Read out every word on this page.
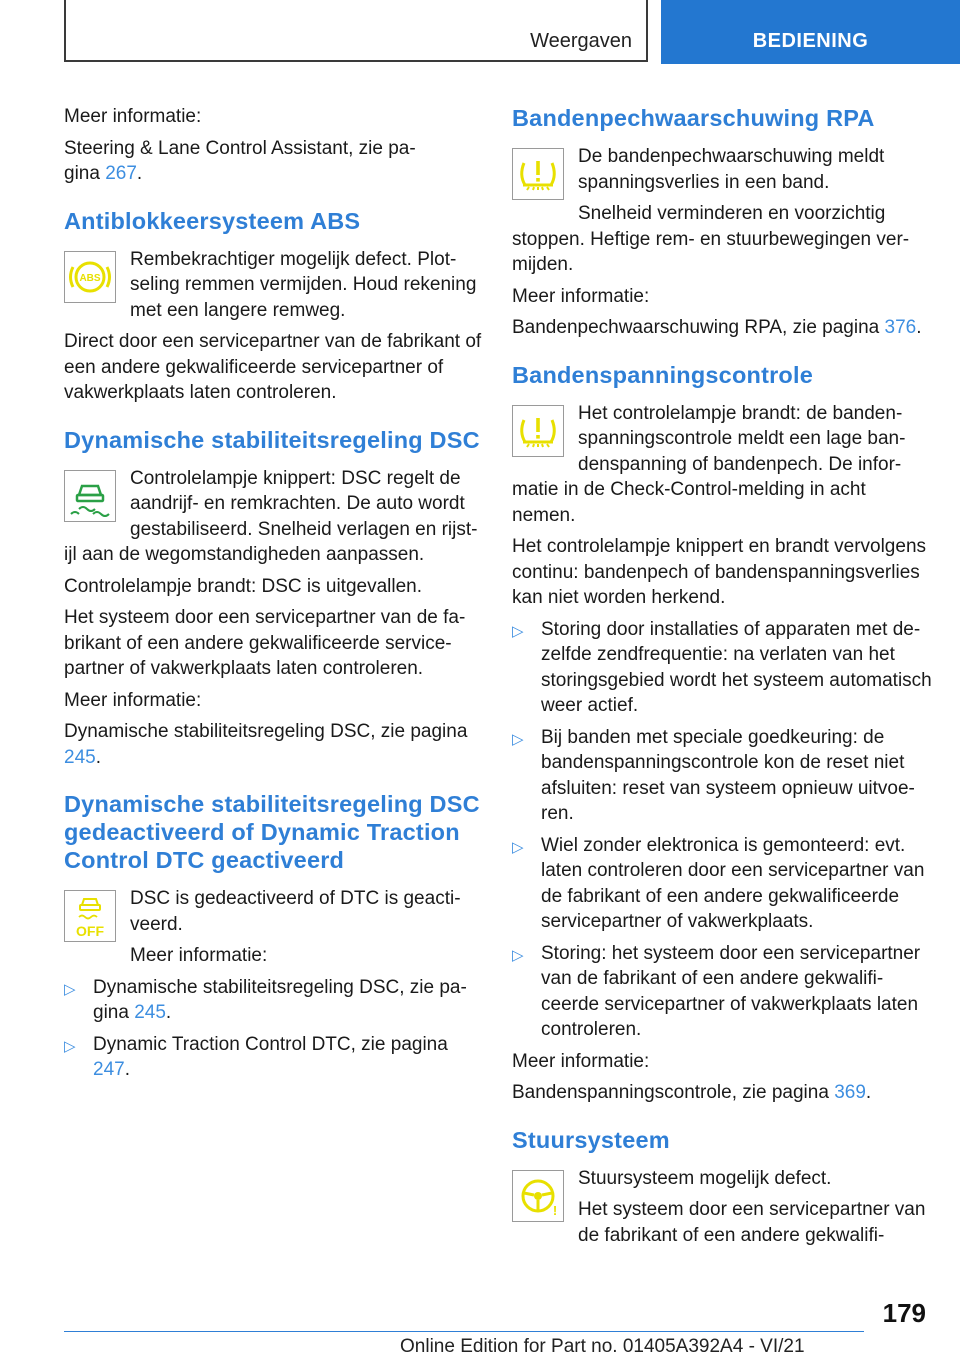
Weergaven	BEDIENING

Meer informatie:

Steering & Lane Control Assistant, zie pa-
gina 267.

Antiblokkeersysteem ABS
ABS

Rembekrachtiger mogelijk defect. Plotseling remmen vermijden. Houd rekening met een langere remweg.

Direct door een servicepartner van de fabrikant of een andere gekwalificeerde servicepartner of vakwerkplaats laten controleren.

Dynamische stabiliteitsregeling DSC

Controlelampje knippert: DSC regelt de aandrijf- en remkrachten. De auto wordt gestabiliseerd. Snelheid verlagen en rijstijl aan de wegomstandigheden aanpassen.

Controlelampje brandt: DSC is uitgevallen.

Het systeem door een servicepartner van de fabrikant of een andere gekwalificeerde servicepartner of vakwerkplaats laten controleren.

Meer informatie:

Dynamische stabiliteitsregeling DSC, zie pagina 245.

Dynamische stabiliteitsregeling DSC gedeactiveerd of Dynamic Traction Control DTC geactiveerd
OFF

DSC is gedeactiveerd of DTC is geactiveerd.

Meer informatie:

▷ Dynamische stabiliteitsregeling DSC, zie pagina 245.
▷ Dynamic Traction Control DTC, zie pagina 247.
Bandenpechwaarschuwing RPA

De bandenpechwaarschuwing meldt spanningsverlies in een band.

Snelheid verminderen en voorzichtig stoppen. Heftige rem- en stuurbewegingen vermijden.

Meer informatie:

Bandenpechwaarschuwing RPA, zie pagina 376.

Bandenspanningscontrole

Het controlelampje brandt: de bandenspanningscontrole meldt een lage bandenspanning of bandenpech. De informatie in de Check-Control-melding in acht nemen.

Het controlelampje knippert en brandt vervolgens continu: bandenpech of bandenspanningsverlies kan niet worden herkend.

▷ Storing door installaties of apparaten met dezelfde zendfrequentie: na verlaten van het storingsgebied wordt het systeem automatisch weer actief.
▷ Bij banden met speciale goedkeuring: de bandenspanningscontrole kon de reset niet afsluiten: reset van systeem opnieuw uitvoeren.
▷ Wiel zonder elektronica is gemonteerd: evt. laten controleren door een servicepartner van de fabrikant of een andere gekwalificeerde servicepartner of vakwerkplaats.
▷ Storing: het systeem door een servicepartner van de fabrikant of een andere gekwalificeerde servicepartner of vakwerkplaats laten controleren.

Meer informatie:

Bandenspanningscontrole, zie pagina 369.

Stuursysteem
!

Stuursysteem mogelijk defect.

Het systeem door een servicepartner van de fabrikant of een andere gekwalifi-

179
Online Edition for Part no. 01405A392A4 - VI/21
